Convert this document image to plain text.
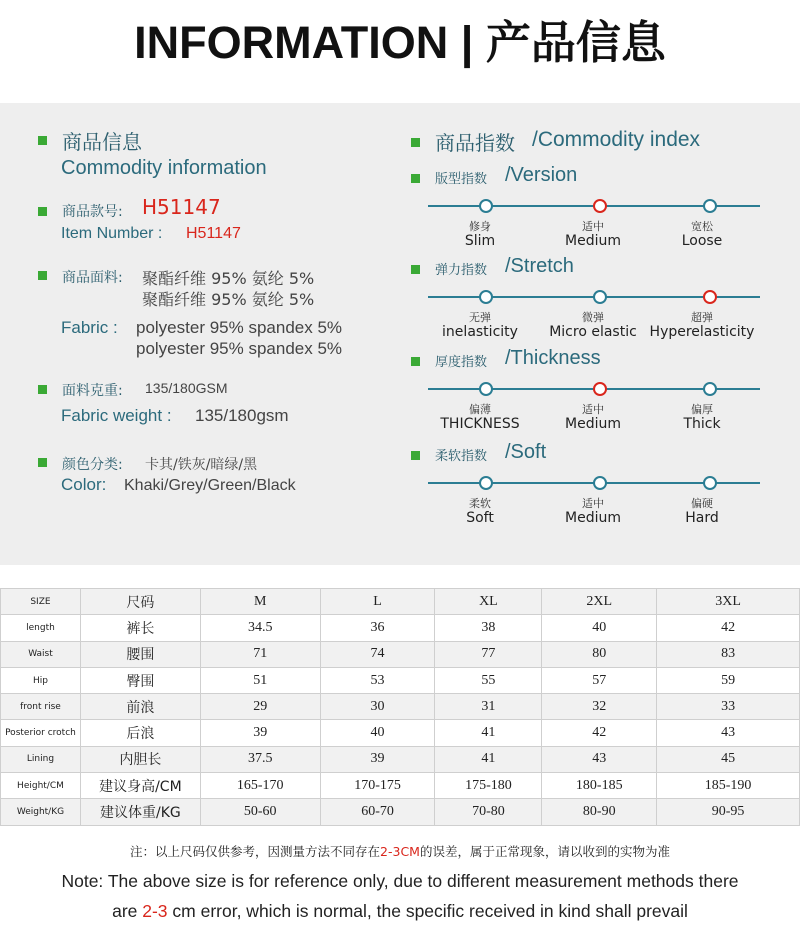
INFORMATION | 产品信息
商品信息
Commodity information
商品款号: H51147
Item Number : H51147
商品面料: 聚酯纤维 95% 氨纶 5%
聚酯纤维 95% 氨纶 5%
Fabric : polyester 95% spandex 5%
polyester 95% spandex 5%
面料克重: 135/180GSM
Fabric weight : 135/180gsm
颜色分类: 卡其/铁灰/暗绿/黑
Color: Khaki/Grey/Green/Black
商品指数 /Commodity index
版型指数 /Version
修身
Slim
适中
Medium
宽松
Loose
弹力指数 /Stretch
无弹
inelasticity
微弹
Micro elastic
超弹
Hyperelasticity
厚度指数 /Thickness
偏薄
THICKNESS
适中
Medium
偏厚
Thick
柔软指数 /Soft
柔软
Soft
适中
Medium
偏硬
Hard
SIZE	尺码	M	L	XL	2XL	3XL
length	裤长	34.5	36	38	40	42
Waist	腰围	71	74	77	80	83
Hip	臀围	51	53	55	57	59
front rise	前浪	29	30	31	32	33
Posterior crotch	后浪	39	40	41	42	43
Lining	内胆长	37.5	39	41	43	45
Height/CM	建议身高/CM	165-170	170-175	175-180	180-185	185-190
Weight/KG	建议体重/KG	50-60	60-70	70-80	80-90	90-95
注：以上尺码仅供参考，因测量方法不同存在2-3CM的误差，属于正常现象，请以收到的实物为准
Note: The above size is for reference only, due to different measurement methods there
are 2-3 cm error, which is normal, the specific received in kind shall prevail
